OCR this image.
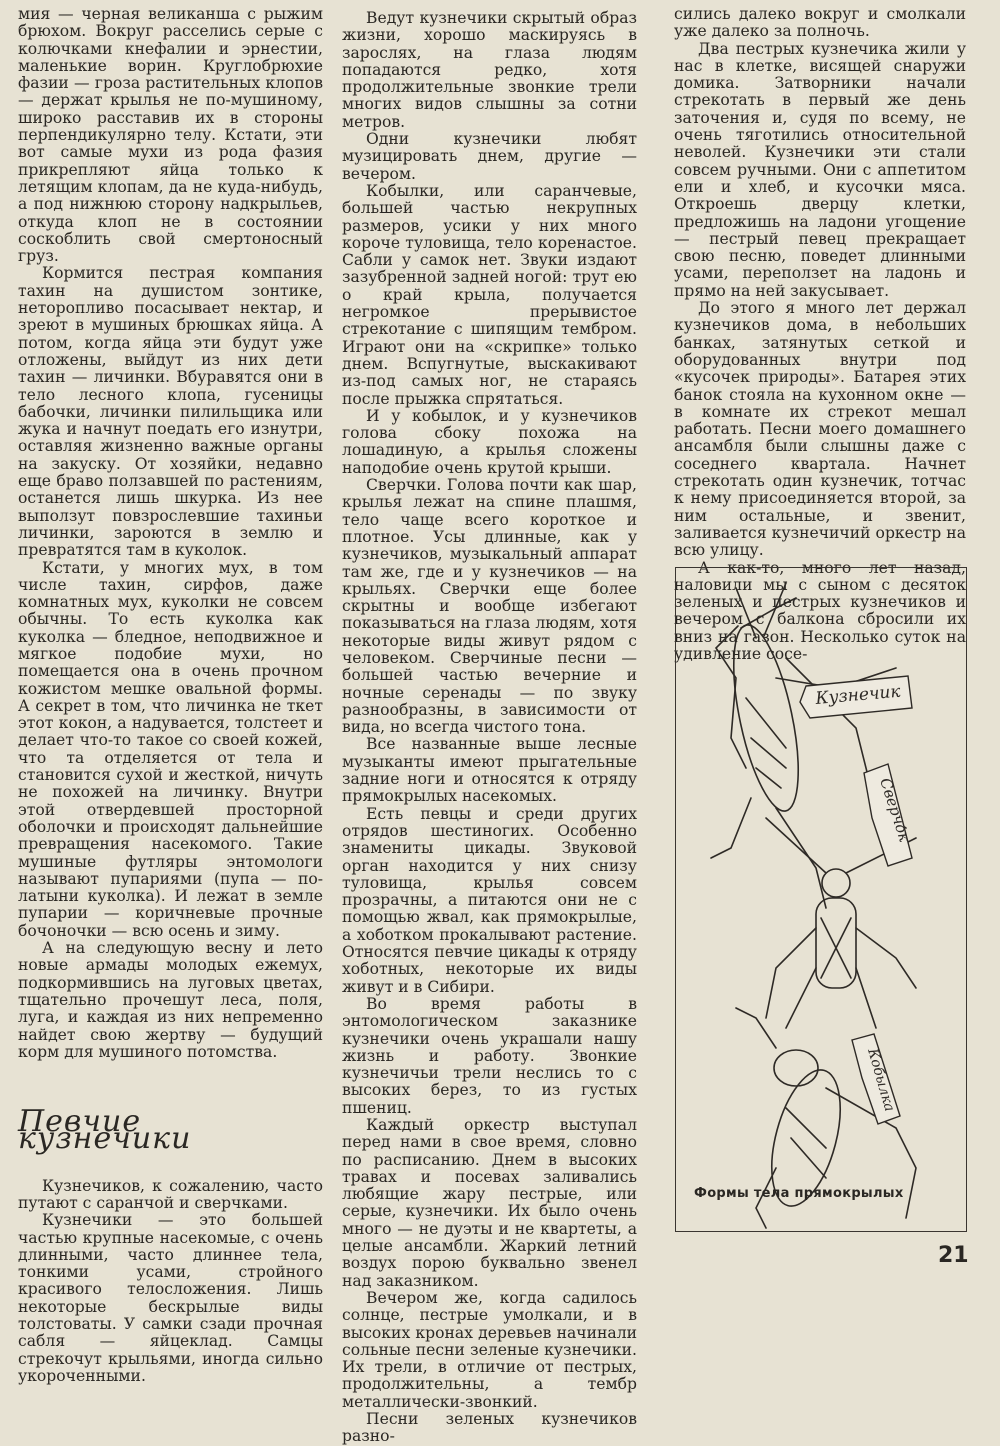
мия — черная великанша с рыжим брюхом. Вокруг расселись серые с колючками кнефалии и эрнестии, маленькие ворин. Круглобрюхие фазии — гроза растительных клопов — держат крылья не по-мушиному, широко расставив их в стороны перпендикулярно телу. Кстати, эти вот самые мухи из рода фазия прикрепляют яйца только к летящим клопам, да не куда-нибудь, а под нижнюю сторону надкрыльев, откуда клоп не в состоянии соскоблить свой смертоносный груз.

Кормится пестрая компания тахин на душистом зонтике, неторопливо посасывает нектар, и зреют в мушиных брюшках яйца. А потом, когда яйца эти будут уже отложены, выйдут из них дети тахин — личинки. Вбуравятся они в тело лесного клопа, гусеницы бабочки, личинки пилильщика или жука и начнут поедать его изнутри, оставляя жизненно важные органы на закуску. От хозяйки, недавно еще браво ползавшей по растениям, останется лишь шкурка. Из нее выползут повзрослевшие тахиньи личинки, зароются в землю и превратятся там в куколок.

Кстати, у многих мух, в том числе тахин, сирфов, даже комнатных мух, куколки не совсем обычны. То есть куколка как куколка — бледное, неподвижное и мягкое подобие мухи, но помещается она в очень прочном кожистом мешке овальной формы. А секрет в том, что личинка не ткет этот кокон, а надувается, толстеет и делает что-то такое со своей кожей, что та отделяется от тела и становится сухой и жесткой, ничуть не похожей на личинку. Внутри этой отвердевшей просторной оболочки и происходят дальнейшие превращения насекомого. Такие мушиные футляры энтомологи называют пупариями (пупа — по-латыни куколка). И лежат в земле пупарии — коричневые прочные бочоночки — всю осень и зиму.

А на следующую весну и лето новые армады молодых ежемух, подкормившись на луговых цветах, тщательно прочешут леса, поля, луга, и каждая из них непременно найдет свою жертву — будущий корм для мушиного потомства.

Певчие кузнечики

Кузнечиков, к сожалению, часто путают с саранчой и сверчками.

Кузнечики — это большей частью крупные насекомые, с очень длинными, часто длиннее тела, тонкими усами, стройного красивого телосложения. Лишь некоторые бескрылые виды толстоваты. У самки сзади прочная сабля — яйцеклад. Самцы стрекочут крыльями, иногда сильно укороченными.

Ведут кузнечики скрытый образ жизни, хорошо маскируясь в зарослях, на глаза людям попадаются редко, хотя продолжительные звонкие трели многих видов слышны за сотни метров.

Одни кузнечики любят музицировать днем, другие — вечером.

Кобылки, или саранчевые, большей частью некрупных размеров, усики у них много короче туловища, тело коренастое. Сабли у самок нет. Звуки издают зазубренной задней ногой: трут ею о край крыла, получается негромкое прерывистое стрекотание с шипящим тембром. Играют они на «скрипке» только днем. Вспугнутые, выскакивают из-под самых ног, не стараясь после прыжка спрятаться.

И у кобылок, и у кузнечиков голова сбоку похожа на лошадиную, а крылья сложены наподобие очень крутой крыши.

Сверчки. Голова почти как шар, крылья лежат на спине плашмя, тело чаще всего короткое и плотное. Усы длинные, как у кузнечиков, музыкальный аппарат там же, где и у кузнечиков — на крыльях. Сверчки еще более скрытны и вообще избегают показываться на глаза людям, хотя некоторые виды живут рядом с человеком. Сверчиные песни — большей частью вечерние и ночные серенады — по звуку разнообразны, в зависимости от вида, но всегда чистого тона.

Все названные выше лесные музыканты имеют прыгательные задние ноги и относятся к отряду прямокрылых насекомых.

Есть певцы и среди других отрядов шестиногих. Особенно знамениты цикады. Звуковой орган находится у них снизу туловища, крылья совсем прозрачны, а питаются они не с помощью жвал, как прямокрылые, а хоботком прокалывают растение. Относятся певчие цикады к отряду хоботных, некоторые их виды живут и в Сибири.

Во время работы в энтомологическом заказнике кузнечики очень украшали нашу жизнь и работу. Звонкие кузнечичьи трели неслись то с высоких берез, то из густых пшениц.

Каждый оркестр выступал перед нами в свое время, словно по расписанию. Днем в высоких травах и посевах заливались любящие жару пестрые, или серые, кузнечики. Их было очень много — не дуэты и не квартеты, а целые ансамбли. Жаркий летний воздух порою буквально звенел над заказником.

Вечером же, когда садилось солнце, пестрые умолкали, и в высоких кронах деревьев начинали сольные песни зеленые кузнечики. Их трели, в отличие от пестрых, продолжительны, а тембр металлически-звонкий.

Песни зеленых кузнечиков разно-

сились далеко вокруг и смолкали уже далеко за полночь.

Два пестрых кузнечика жили у нас в клетке, висящей снаружи домика. Затворники начали стрекотать в первый же день заточения и, судя по всему, не очень тяготились относительной неволей. Кузнечики эти стали совсем ручными. Они с аппетитом ели и хлеб, и кусочки мяса. Откроешь дверцу клетки, предложишь на ладони угощение — пестрый певец прекращает свою песню, поведет длинными усами, переползет на ладонь и прямо на ней закусывает.

До этого я много лет держал кузнечиков дома, в небольших банках, затянутых сеткой и оборудованных внутри под «кусочек природы». Батарея этих банок стояла на кухонном окне — в комнате их стрекот мешал работать. Песни моего домашнего ансамбля были слышны даже с соседнего квартала. Начнет стрекотать один кузнечик, тотчас к нему присоединяется второй, за ним остальные, и звенит, заливается кузнечичий оркестр на всю улицу.

А как-то, много лет назад, наловили мы с сыном с десяток зеленых и пестрых кузнечиков и вечером с балкона сбросили их вниз на газон. Несколько суток на удивление сосе-

Кузнечик
Сверчок
Кобылка
Формы тела прямокрылых
21
